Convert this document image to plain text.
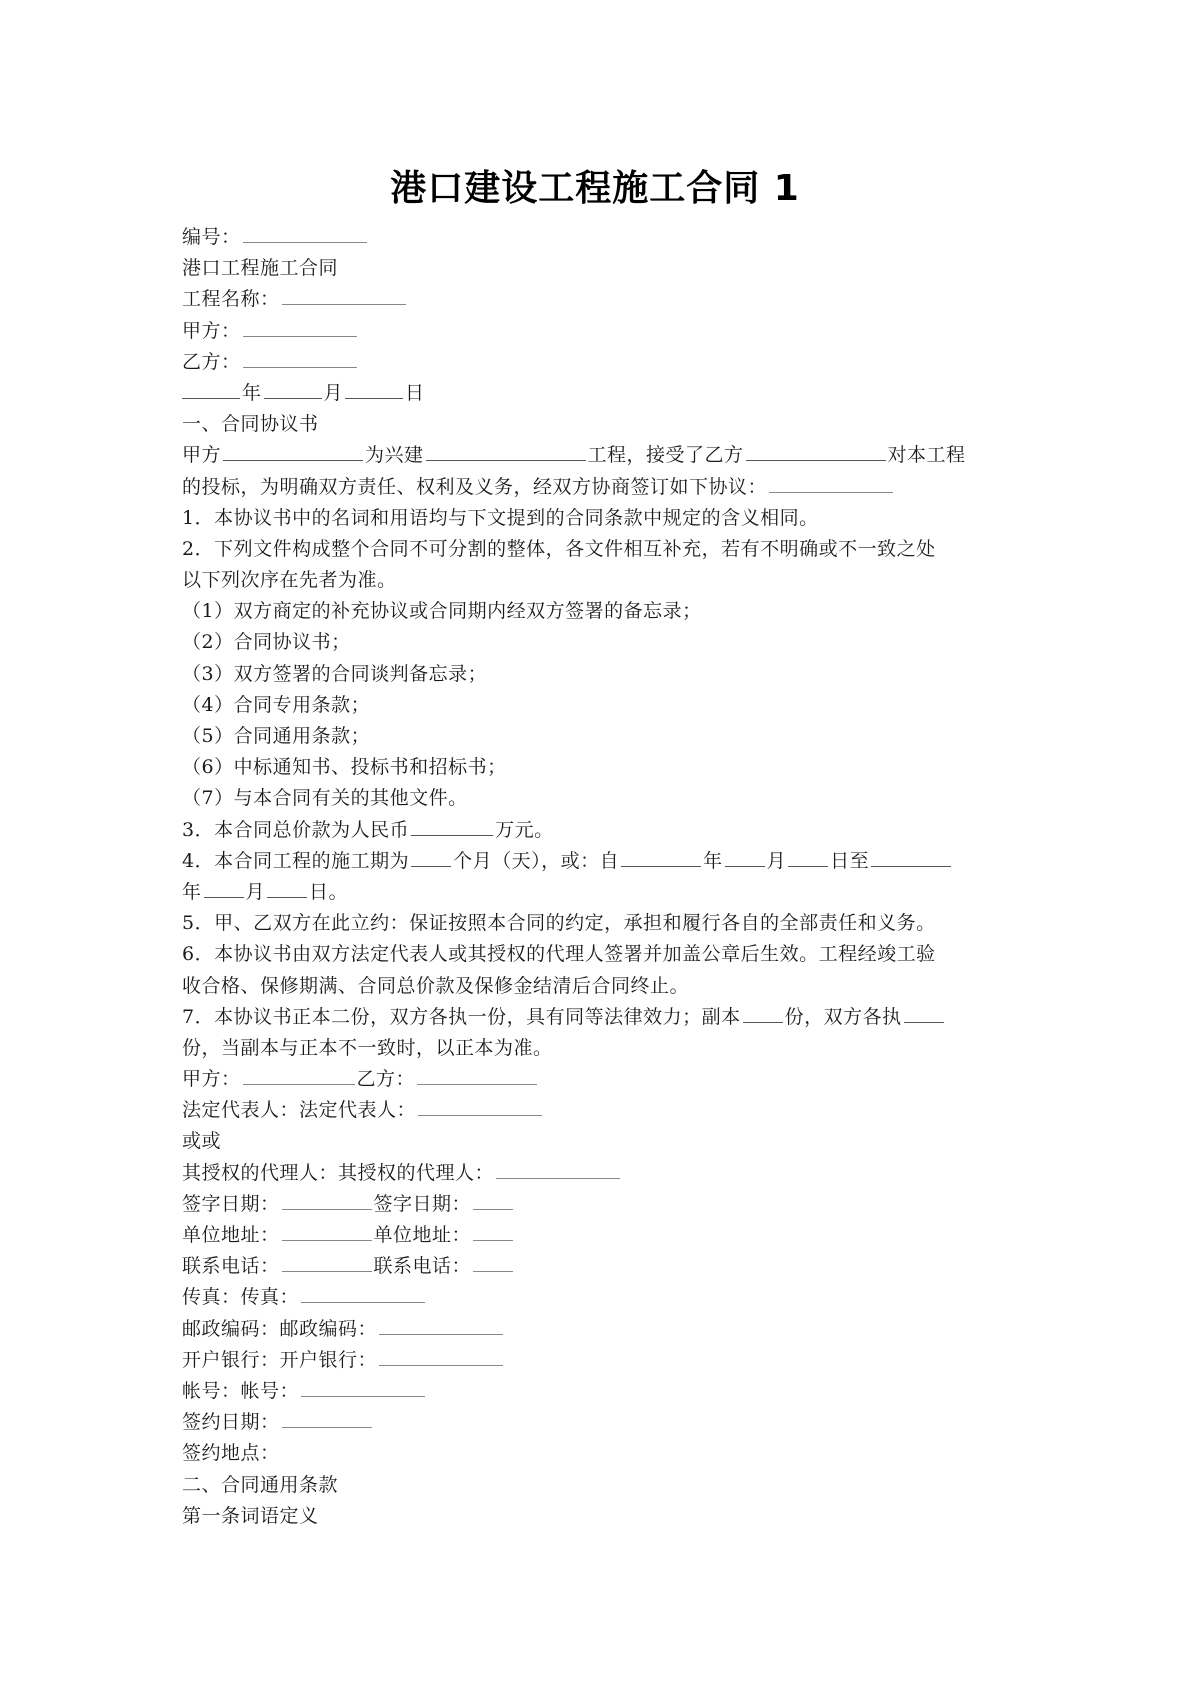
港口建设工程施工合同 1
编号：
港口工程施工合同
工程名称：
甲方：
乙方：
年	月	日
一、合同协议书
甲方	为兴建	工程，接受了乙方	对本工程
的投标，为明确双方责任、权利及义务，经双方协商签订如下协议：
1．本协议书中的名词和用语均与下文提到的合同条款中规定的含义相同。
2．下列文件构成整个合同不可分割的整体，各文件相互补充，若有不明确或不一致之处
以下列次序在先者为准。
（1）双方商定的补充协议或合同期内经双方签署的备忘录；
（2）合同协议书；
（3）双方签署的合同谈判备忘录；
（4）合同专用条款；
（5）合同通用条款；
（6）中标通知书、投标书和招标书；
（7）与本合同有关的其他文件。
3．本合同总价款为人民币	万元。
4．本合同工程的施工期为 个月（天），或：自	年 月 日至
年 月 日。
5．甲、乙双方在此立约：保证按照本合同的约定，承担和履行各自的全部责任和义务。
6．本协议书由双方法定代表人或其授权的代理人签署并加盖公章后生效。工程经竣工验
收合格、保修期满、合同总价款及保修金结清后合同终止。
7．本协议书正本二份，双方各执一份，具有同等法律效力；副本 份，双方各执
份，当副本与正本不一致时，以正本为准。
甲方：	乙方：
法定代表人：法定代表人：
或或
其授权的代理人：其授权的代理人：
签字日期：	签字日期：
单位地址：	单位地址：
联系电话：	联系电话：
传真：传真：
邮政编码：邮政编码：
开户银行：开户银行：
帐号：帐号：
签约日期：
签约地点：
二、合同通用条款
第一条词语定义
